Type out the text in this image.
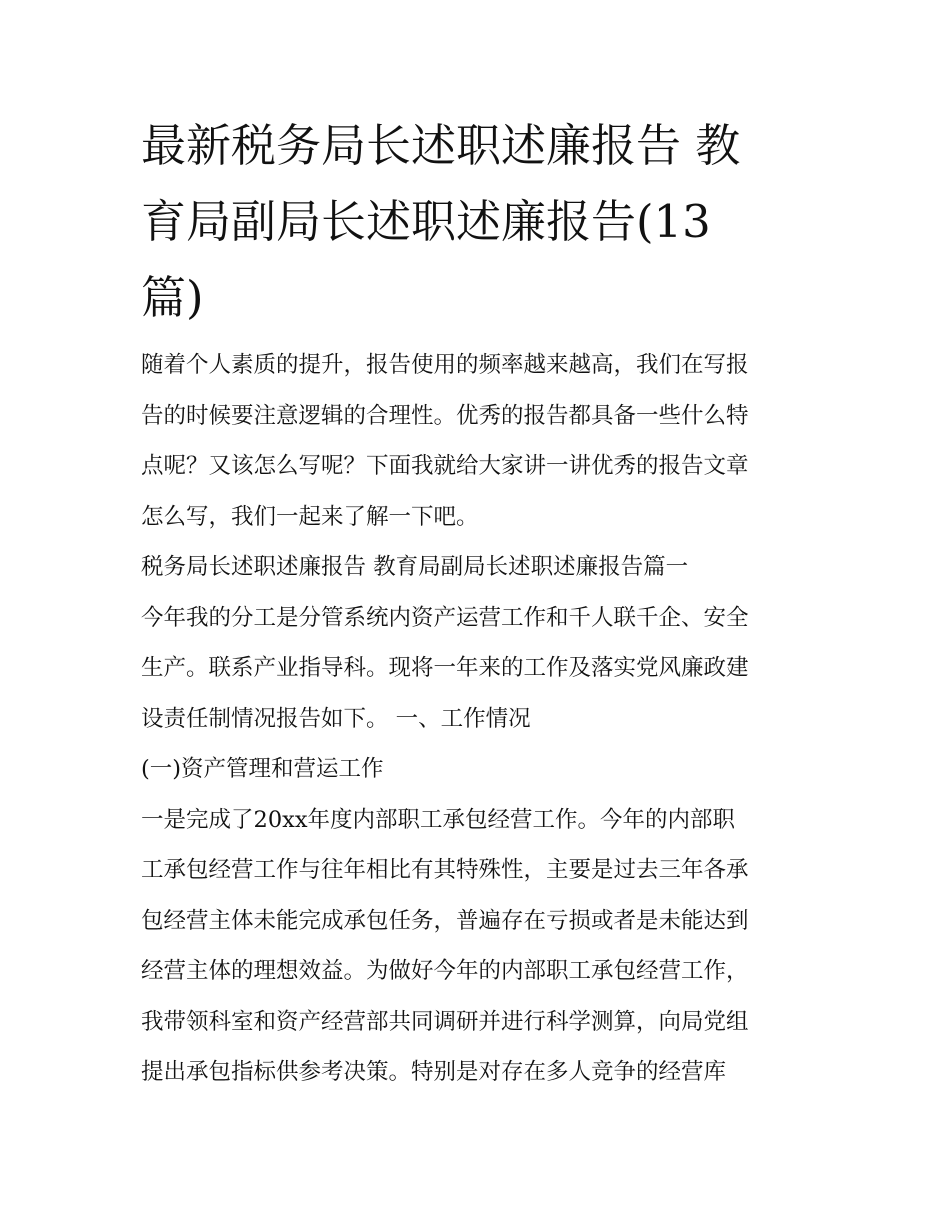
最新税务局长述职述廉报告 教
育局副局长述职述廉报告(13
篇)

随着个人素质的提升，报告使用的频率越来越高，我们在写报
告的时候要注意逻辑的合理性。优秀的报告都具备一些什么特
点呢？又该怎么写呢？下面我就给大家讲一讲优秀的报告文章
怎么写，我们一起来了解一下吧。

税务局长述职述廉报告 教育局副局长述职述廉报告篇一

今年我的分工是分管系统内资产运营工作和千人联千企、安全
生产。联系产业指导科。现将一年来的工作及落实党风廉政建
设责任制情况报告如下。 一、工作情况

(一)资产管理和营运工作

一是完成了20xx年度内部职工承包经营工作。今年的内部职
工承包经营工作与往年相比有其特殊性，主要是过去三年各承
包经营主体未能完成承包任务，普遍存在亏损或者是未能达到
经营主体的理想效益。为做好今年的内部职工承包经营工作，
我带领科室和资产经营部共同调研并进行科学测算，向局党组
提出承包指标供参考决策。特别是对存在多人竞争的经营库
